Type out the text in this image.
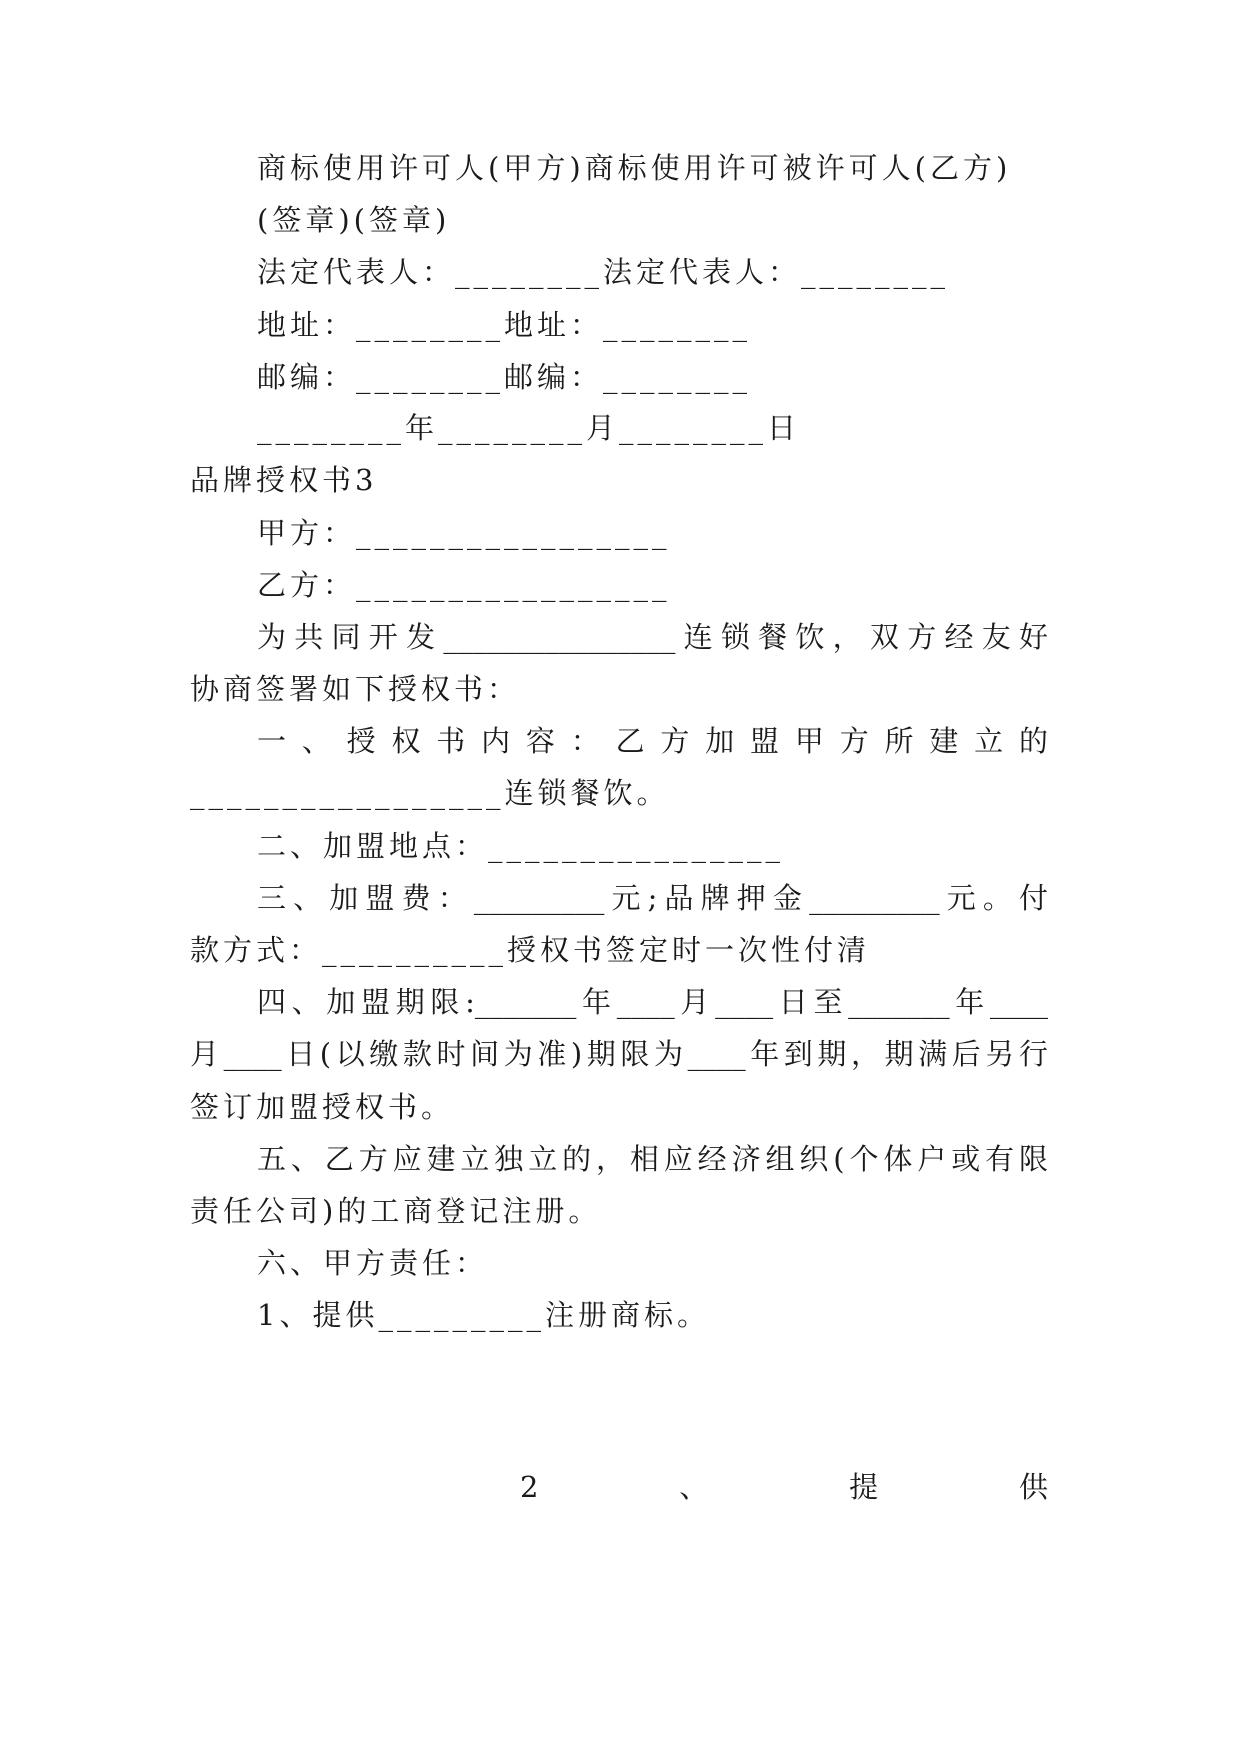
商标使用许可人(甲方)商标使用许可被许可人(乙方)
(签章)(签章)
法定代表人：________法定代表人：________
地址：________地址：________
邮编：________邮编：________
________年________月________日
品牌授权书3
甲方：_________________
乙方：_________________
为共同开发________________连锁餐饮，双方经友好
协商签署如下授权书：
一、授权书内容：乙方加盟甲方所建立的
_________________连锁餐饮。
二、加盟地点：________________
三、加盟费：_________元;品牌押金_________元。付
款方式：__________授权书签定时一次性付清
四、加盟期限:_______年____月____日至_______年____
月____日(以缴款时间为准)期限为____年到期，期满后另行
签订加盟授权书。
五、乙方应建立独立的，相应经济组织(个体户或有限
责任公司)的工商登记注册。
六、甲方责任：
1、提供_________注册商标。

2	、	提	供
